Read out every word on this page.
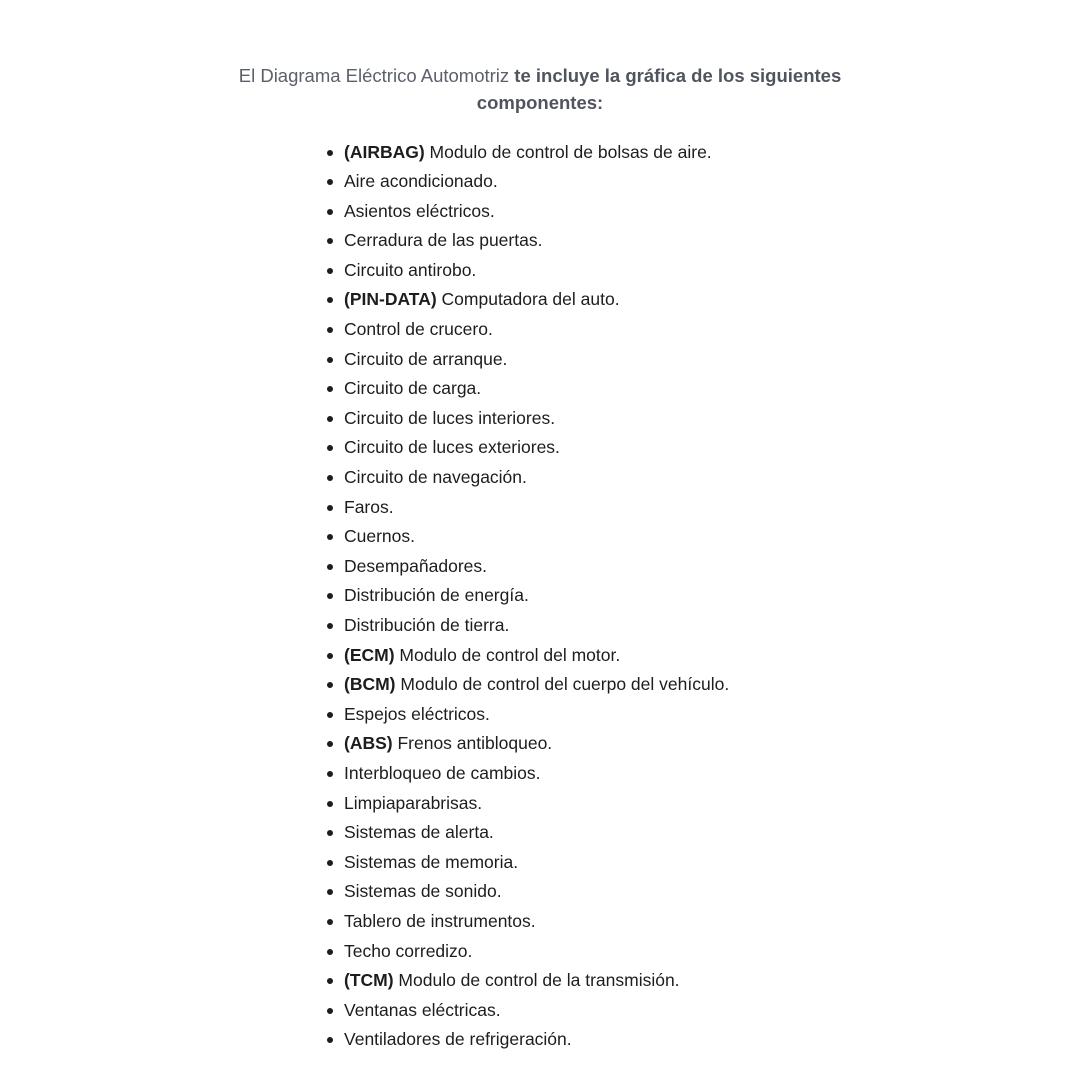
El Diagrama Eléctrico Automotriz te incluye la gráfica de los siguientes
componentes:
(AIRBAG) Modulo de control de bolsas de aire.
Aire acondicionado.
Asientos eléctricos.
Cerradura de las puertas.
Circuito antirobo.
(PIN-DATA) Computadora del auto.
Control de crucero.
Circuito de arranque.
Circuito de carga.
Circuito de luces interiores.
Circuito de luces exteriores.
Circuito de navegación.
Faros.
Cuernos.
Desempañadores.
Distribución de energía.
Distribución de tierra.
(ECM) Modulo de control del motor.
(BCM) Modulo de control del cuerpo del vehículo.
Espejos eléctricos.
(ABS) Frenos antibloqueo.
Interbloqueo de cambios.
Limpiaparabrisas.
Sistemas de alerta.
Sistemas de memoria.
Sistemas de sonido.
Tablero de instrumentos.
Techo corredizo.
(TCM) Modulo de control de la transmisión.
Ventanas eléctricas.
Ventiladores de refrigeración.
